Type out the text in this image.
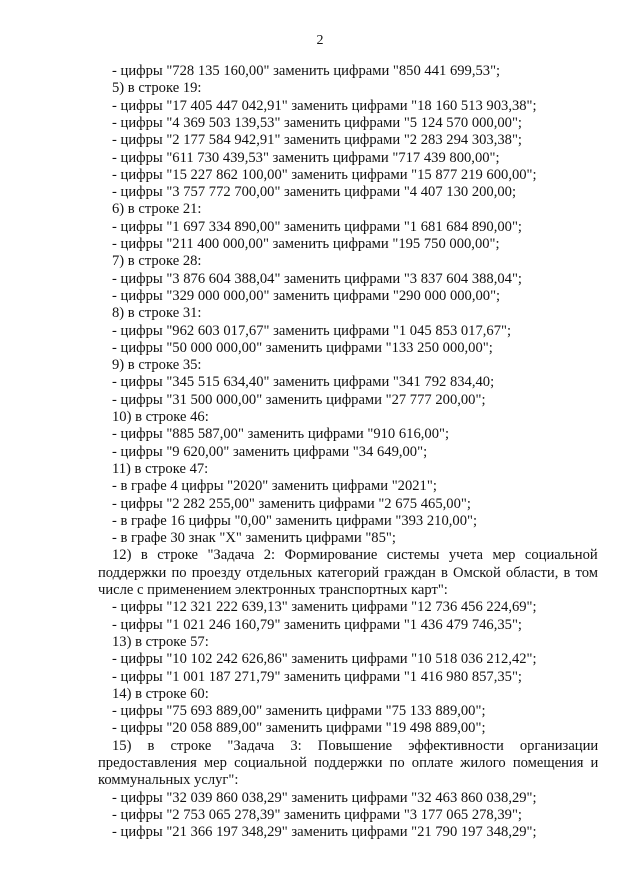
2
- цифры "728 135 160,00" заменить цифрами "850 441 699,53";
5) в строке 19:
- цифры "17 405 447 042,91" заменить цифрами "18 160 513 903,38";
- цифры "4 369 503 139,53" заменить цифрами "5 124 570 000,00";
- цифры "2 177 584 942,91" заменить цифрами "2 283 294 303,38";
- цифры "611 730 439,53" заменить цифрами "717 439 800,00";
- цифры "15 227 862 100,00" заменить цифрами "15 877 219 600,00";
- цифры "3 757 772 700,00" заменить цифрами "4 407 130 200,00;
6) в строке 21:
- цифры "1 697 334 890,00" заменить цифрами "1 681 684 890,00";
- цифры "211 400 000,00" заменить цифрами "195 750 000,00";
7) в строке 28:
- цифры "3 876 604 388,04" заменить цифрами "3 837 604 388,04";
- цифры "329 000 000,00" заменить цифрами "290 000 000,00";
8) в строке 31:
- цифры "962 603 017,67" заменить цифрами "1 045 853 017,67";
- цифры "50 000 000,00" заменить цифрами "133 250 000,00";
9) в строке 35:
- цифры "345 515 634,40" заменить цифрами "341 792 834,40;
- цифры "31 500 000,00" заменить цифрами "27 777 200,00";
10) в строке 46:
- цифры "885 587,00" заменить цифрами "910 616,00";
- цифры "9 620,00" заменить цифрами "34 649,00";
11) в строке 47:
- в графе 4 цифры "2020" заменить цифрами "2021";
- цифры "2 282 255,00" заменить цифрами "2 675 465,00";
- в графе 16 цифры "0,00" заменить цифрами "393 210,00";
- в графе 30 знак "X" заменить цифрами "85";
12) в строке "Задача 2: Формирование системы учета мер социальной
поддержки по проезду отдельных категорий граждан в Омской области, в том
числе с применением электронных транспортных карт":
- цифры "12 321 222 639,13" заменить цифрами "12 736 456 224,69";
- цифры "1 021 246 160,79" заменить цифрами "1 436 479 746,35";
13) в строке 57:
- цифры "10 102 242 626,86" заменить цифрами "10 518 036 212,42";
- цифры "1 001 187 271,79" заменить цифрами "1 416 980 857,35";
14) в строке 60:
- цифры "75 693 889,00" заменить цифрами "75 133 889,00";
- цифры "20 058 889,00" заменить цифрами "19 498 889,00";
15) в строке "Задача 3: Повышение эффективности организации
предоставления мер социальной поддержки по оплате жилого помещения и
коммунальных услуг":
- цифры "32 039 860 038,29" заменить цифрами "32 463 860 038,29";
- цифры "2 753 065 278,39" заменить цифрами "3 177 065 278,39";
- цифры "21 366 197 348,29" заменить цифрами "21 790 197 348,29";
